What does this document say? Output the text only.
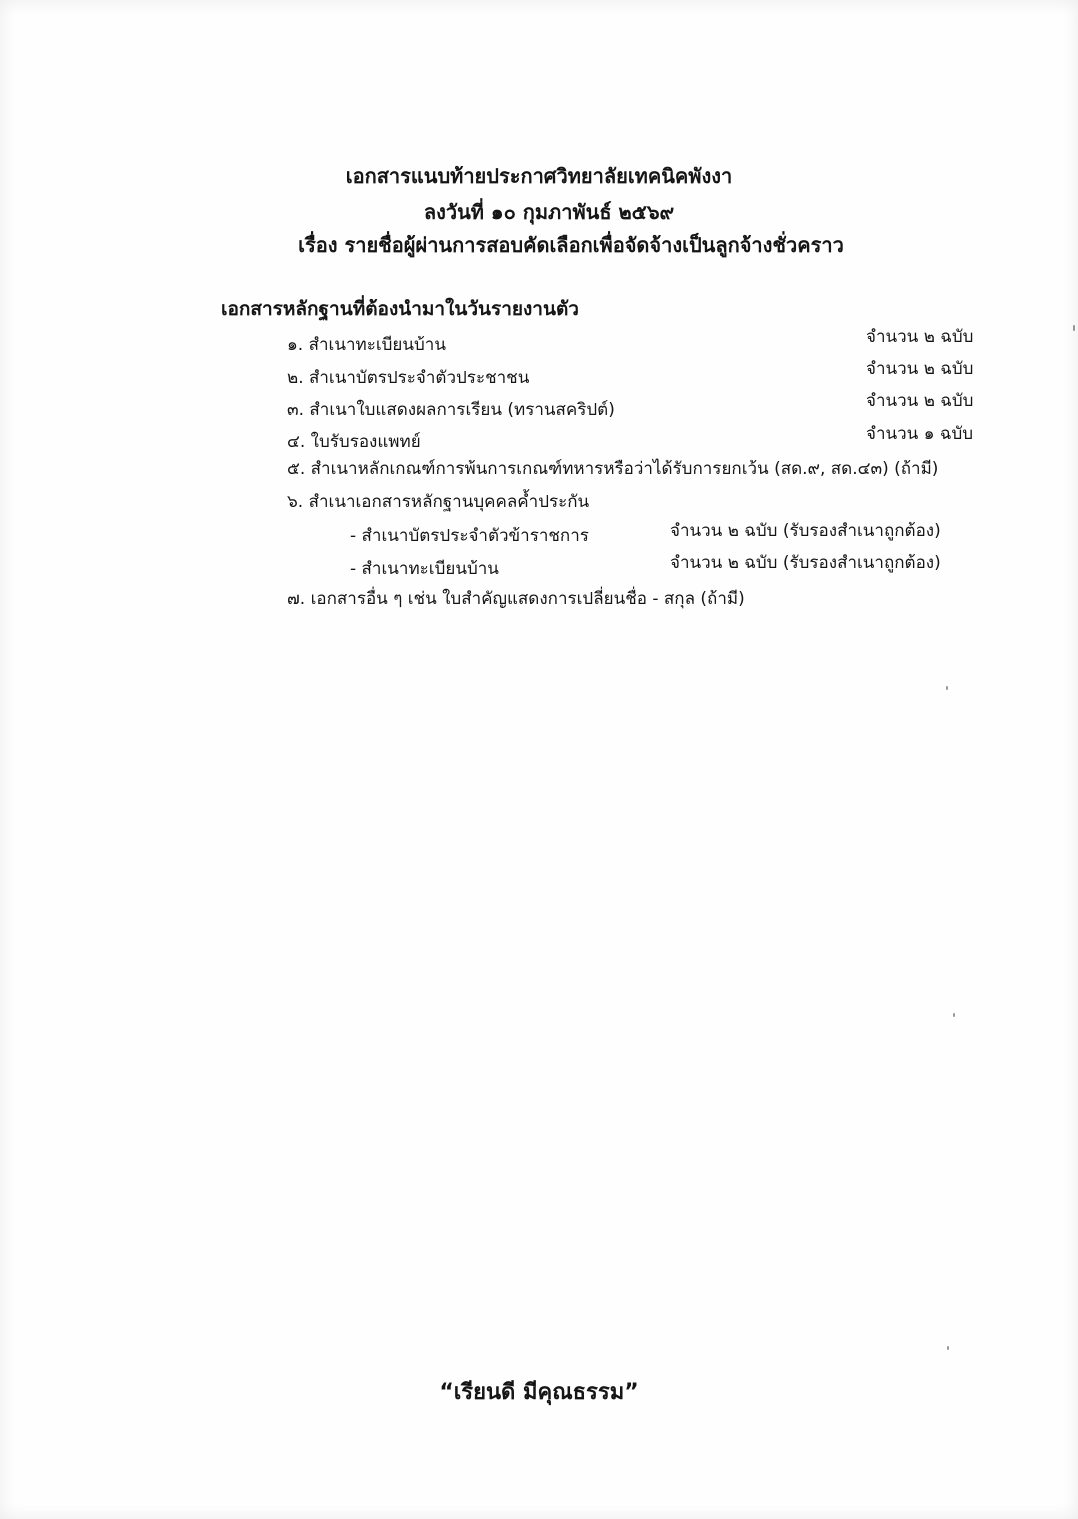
เอกสารแนบท้ายประกาศวิทยาลัยเทคนิคพังงา
ลงวันที่ ๑๐ กุมภาพันธ์ ๒๕๖๙
เรื่อง รายชื่อผู้ผ่านการสอบคัดเลือกเพื่อจัดจ้างเป็นลูกจ้างชั่วคราว
เอกสารหลักฐานที่ต้องนำมาในวันรายงานตัว
๑. สำเนาทะเบียนบ้าน	จำนวน ๒ ฉบับ
๒. สำเนาบัตรประจำตัวประชาชน	จำนวน ๒ ฉบับ
๓. สำเนาใบแสดงผลการเรียน (ทรานสคริปต์)	จำนวน ๒ ฉบับ
๔. ใบรับรองแพทย์	จำนวน ๑ ฉบับ
๕. สำเนาหลักเกณฑ์การพ้นการเกณฑ์ทหารหรือว่าได้รับการยกเว้น (สด.๙, สด.๔๓) (ถ้ามี)
๖. สำเนาเอกสารหลักฐานบุคคลค้ำประกัน
- สำเนาบัตรประจำตัวข้าราชการ	จำนวน ๒ ฉบับ (รับรองสำเนาถูกต้อง)
- สำเนาทะเบียนบ้าน	จำนวน ๒ ฉบับ (รับรองสำเนาถูกต้อง)
๗. เอกสารอื่น ๆ เช่น ใบสำคัญแสดงการเปลี่ยนชื่อ - สกุล (ถ้ามี)
“เรียนดี มีคุณธรรม”
